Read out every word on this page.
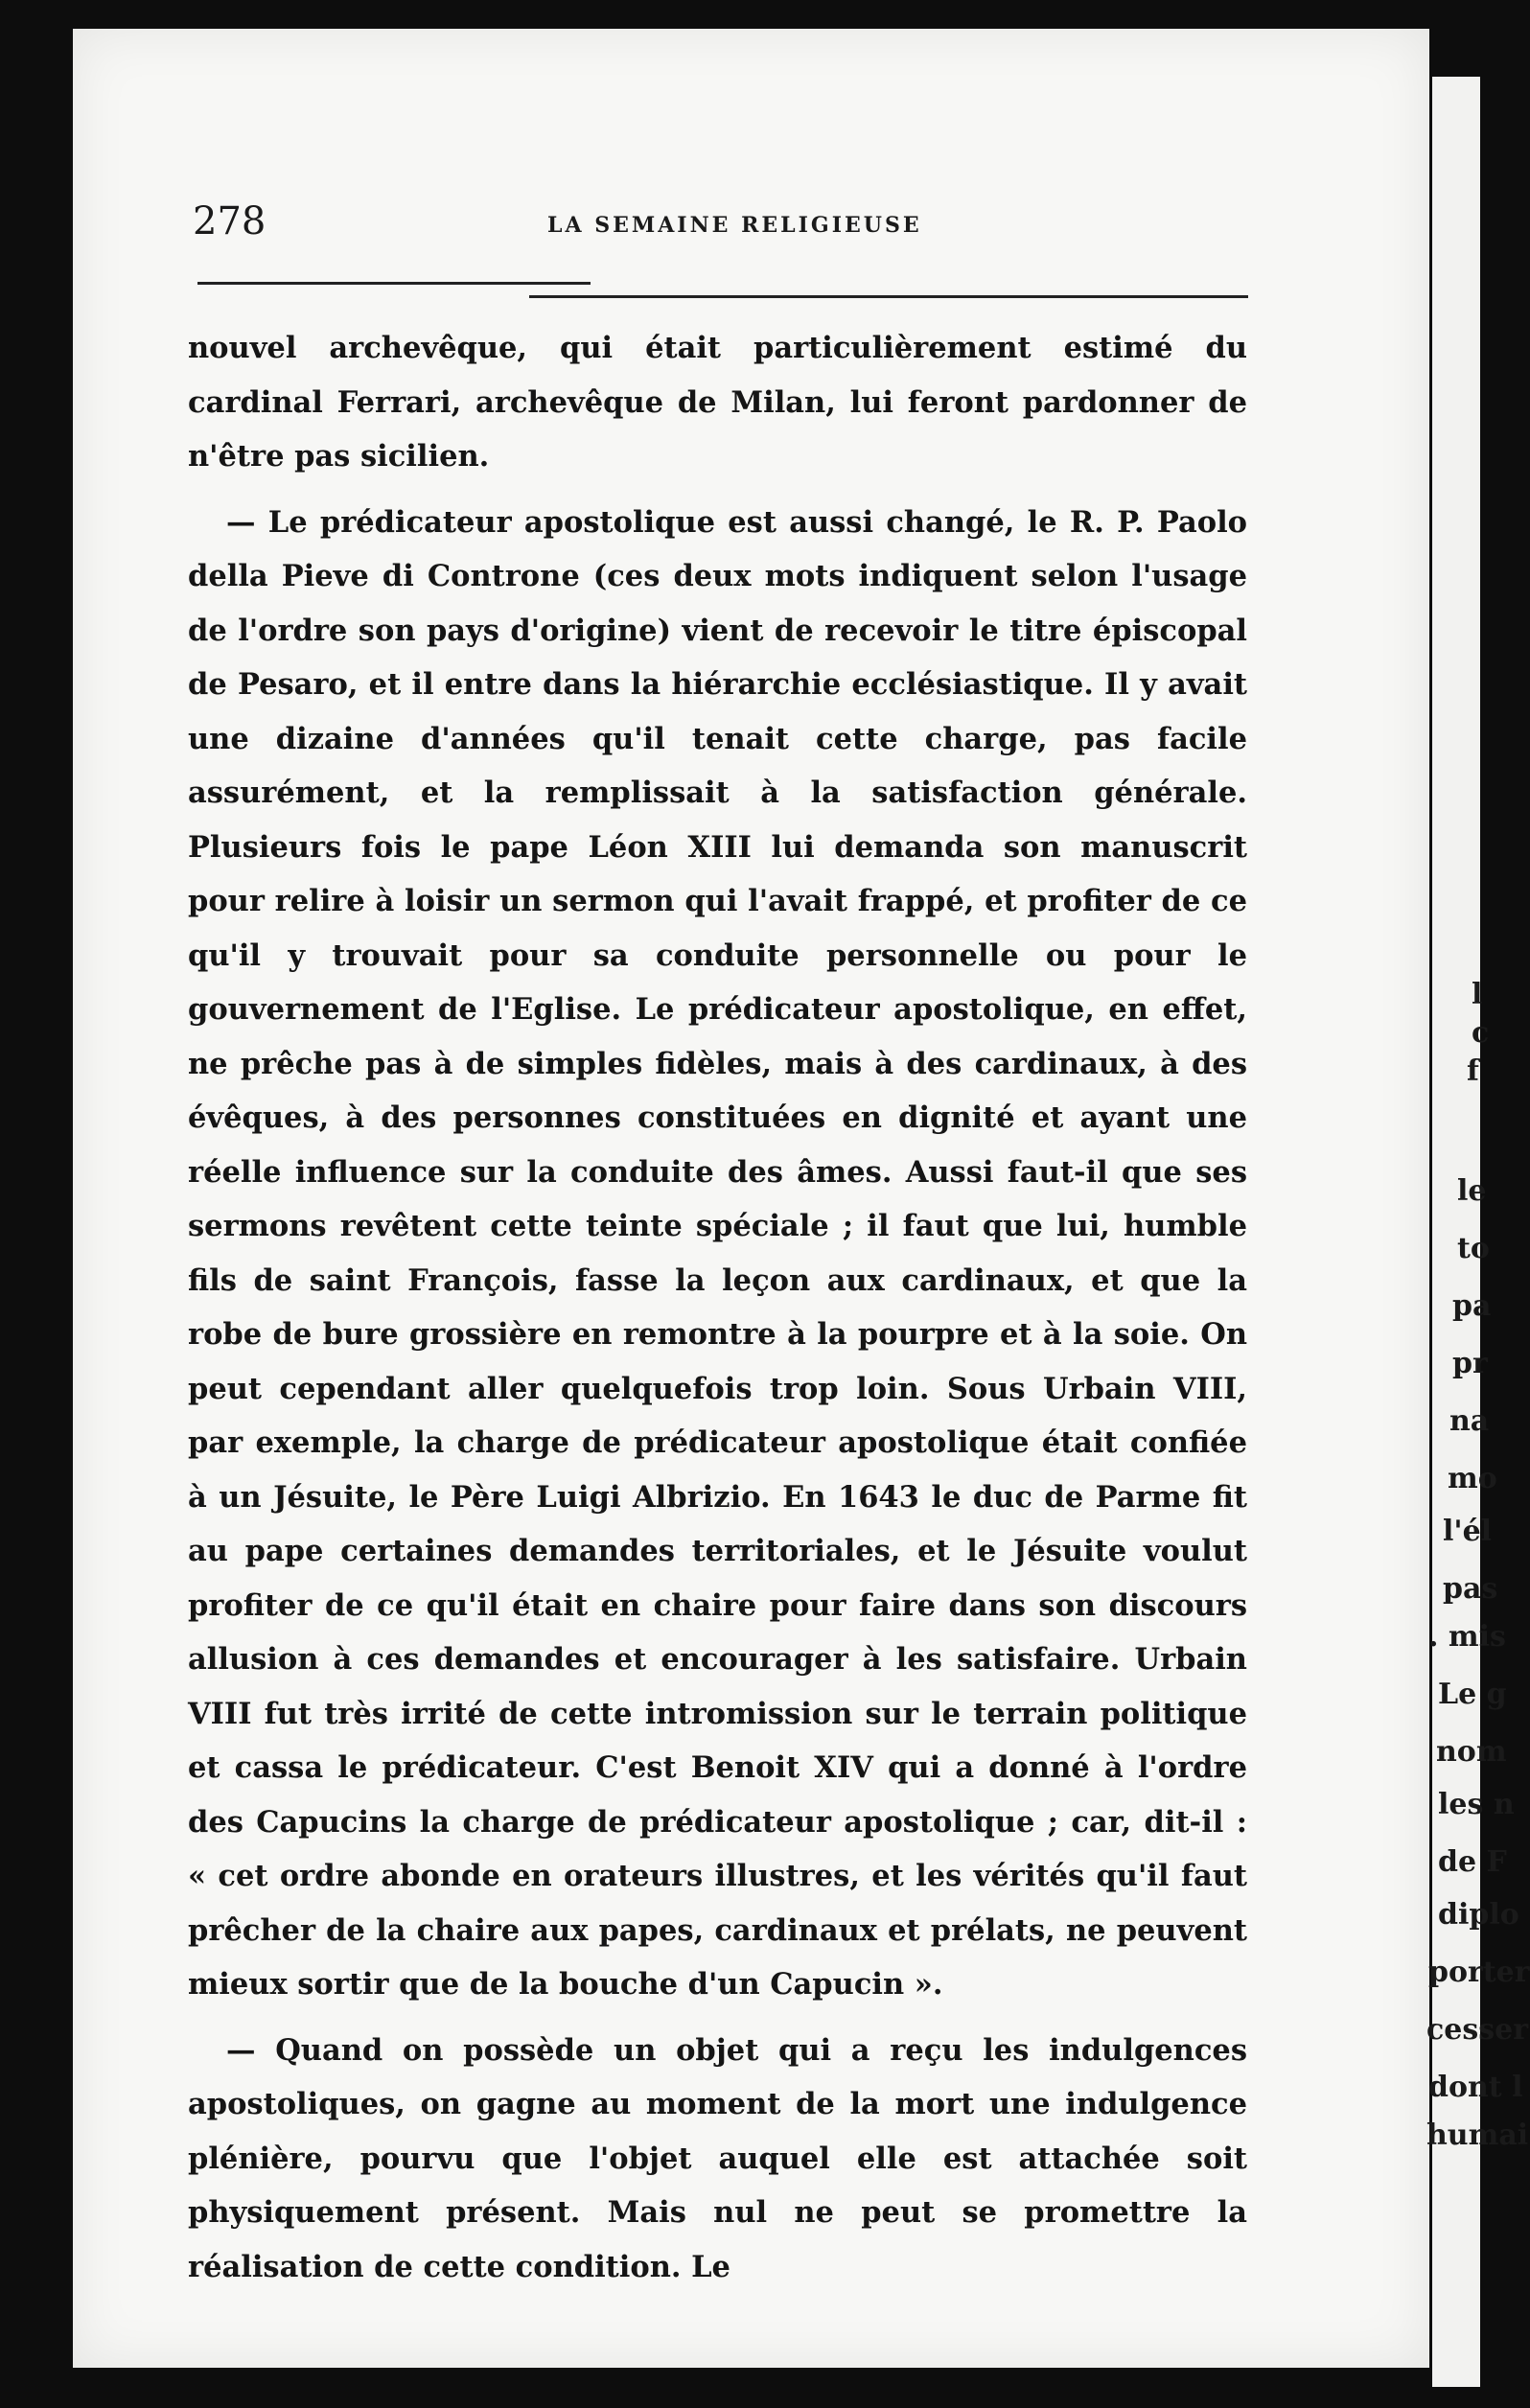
278	LA SEMAINE RELIGIEUSE

nouvel archevêque, qui était particulièrement estimé du cardinal Ferrari, archevêque de Milan, lui feront pardonner de n'être pas sicilien.

— Le prédicateur apostolique est aussi changé, le R. P. Paolo della Pieve di Controne (ces deux mots indiquent selon l'usage de l'ordre son pays d'origine) vient de recevoir le titre épiscopal de Pesaro, et il entre dans la hiérarchie ecclésiastique. Il y avait une dizaine d'années qu'il tenait cette charge, pas facile assurément, et la remplissait à la satisfaction générale. Plusieurs fois le pape Léon XIII lui demanda son manuscrit pour relire à loisir un sermon qui l'avait frappé, et profiter de ce qu'il y trouvait pour sa conduite personnelle ou pour le gouvernement de l'Eglise. Le prédicateur apostolique, en effet, ne prêche pas à de simples fidèles, mais à des cardinaux, à des évêques, à des personnes constituées en dignité et ayant une réelle influence sur la conduite des âmes. Aussi faut-il que ses sermons revêtent cette teinte spéciale ; il faut que lui, humble fils de saint François, fasse la leçon aux cardinaux, et que la robe de bure grossière en remontre à la pourpre et à la soie. On peut cependant aller quelquefois trop loin. Sous Urbain VIII, par exemple, la charge de prédicateur apostolique était confiée à un Jésuite, le Père Luigi Albrizio. En 1643 le duc de Parme fit au pape certaines demandes territoriales, et le Jésuite voulut profiter de ce qu'il était en chaire pour faire dans son discours allusion à ces demandes et encourager à les satisfaire. Urbain VIII fut très irrité de cette intromission sur le terrain politique et cassa le prédicateur. C'est Benoit XIV qui a donné à l'ordre des Capucins la charge de prédicateur apostolique ; car, dit-il : « cet ordre abonde en orateurs illustres, et les vérités qu'il faut prêcher de la chaire aux papes, cardinaux et prélats, ne peuvent mieux sortir que de la bouche d'un Capucin ».

— Quand on possède un objet qui a reçu les indulgences apostoliques, on gagne au moment de la mort une indulgence plénière, pourvu que l'objet auquel elle est attachée soit physiquement présent. Mais nul ne peut se promettre la réalisation de cette condition. Le

l
c
f
le
to
pa
pr
na
mo
l'él
pas
. mis
Le g
nom
les n
de F
diplo
porter
cesser
dont l
humai
